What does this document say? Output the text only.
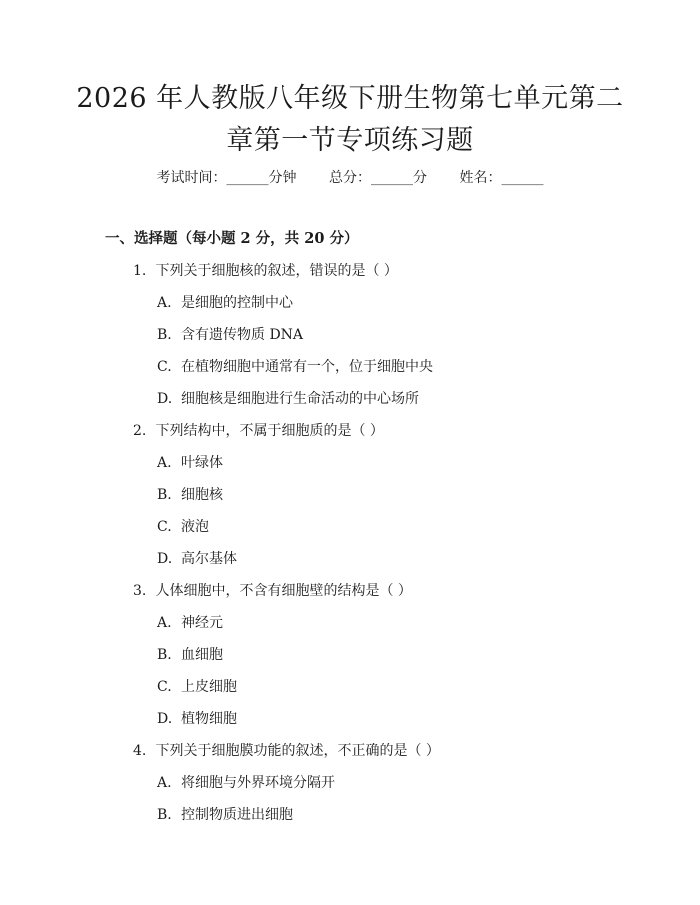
2026 年人教版八年级下册生物第七单元第二
章第一节专项练习题
考试时间：______分钟 总分：______分 姓名：______
一、选择题（每小题 2 分，共 20 分）
1. 下列关于细胞核的叙述，错误的是（ ）
A. 是细胞的控制中心
B. 含有遗传物质 DNA
C. 在植物细胞中通常有一个，位于细胞中央
D. 细胞核是细胞进行生命活动的中心场所
2. 下列结构中，不属于细胞质的是（ ）
A. 叶绿体
B. 细胞核
C. 液泡
D. 高尔基体
3. 人体细胞中，不含有细胞壁的结构是（ ）
A. 神经元
B. 血细胞
C. 上皮细胞
D. 植物细胞
4. 下列关于细胞膜功能的叙述，不正确的是（ ）
A. 将细胞与外界环境分隔开
B. 控制物质进出细胞
